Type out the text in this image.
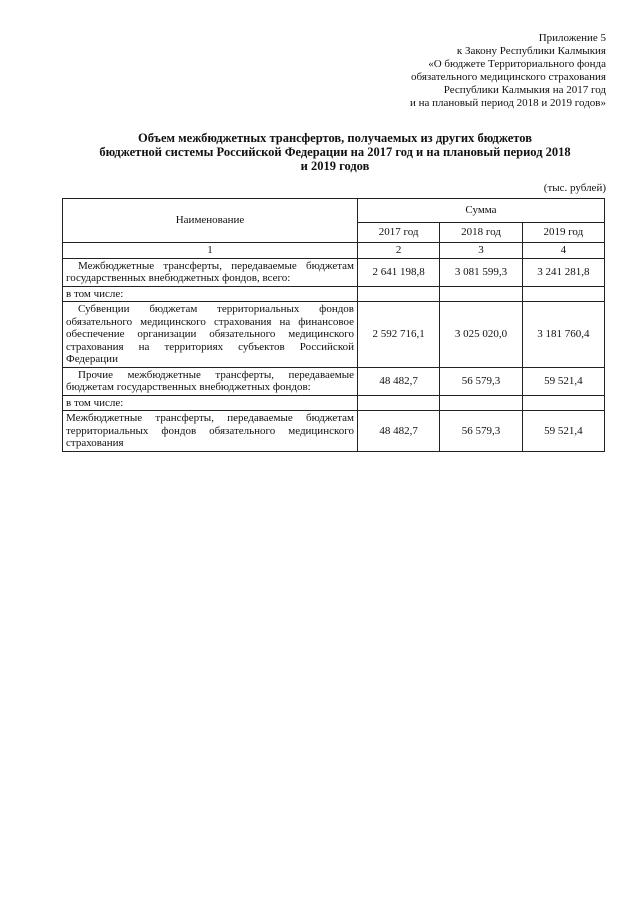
Приложение 5
к Закону Республики Калмыкия
«О бюджете Территориального фонда
обязательного медицинского страхования
Республики Калмыкия на 2017 год
и на плановый период 2018 и 2019 годов»
Объем межбюджетных трансфертов, получаемых из других бюджетов
бюджетной системы Российской Федерации на 2017 год и на плановый период 2018
и 2019 годов
(тыс. рублей)
Наименование	Сумма		
	2017 год	2018 год	2019 год
1	2	3	4
Межбюджетные трансферты, передаваемые бюджетам государственных внебюджетных фондов, всего:	2 641 198,8	3 081 599,3	3 241 281,8
в том числе:			
Субвенции бюджетам территориальных фондов обязательного медицинского страхования на финансовое обеспечение организации обязательного медицинского страхования на территориях субъектов Российской Федерации	2 592 716,1	3 025 020,0	3 181 760,4
Прочие межбюджетные трансферты, передаваемые бюджетам государственных внебюджетных фондов:	48 482,7	56 579,3	59 521,4
в том числе:			
Межбюджетные трансферты, передаваемые бюджетам территориальных фондов обязательного медицинского страхования	48 482,7	56 579,3	59 521,4
